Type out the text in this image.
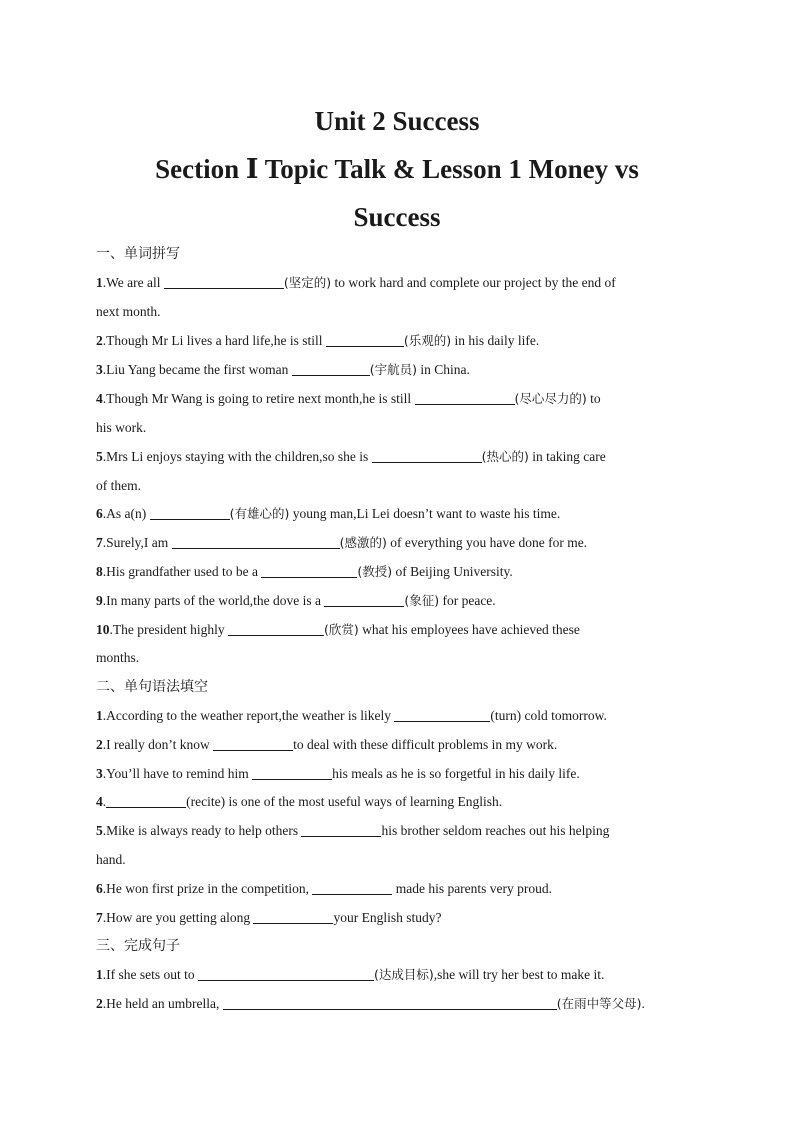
Unit 2 Success
Section Ⅰ Topic Talk & Lesson 1 Money vs
Success
一、单词拼写
1.We are all	(坚定的) to work hard and complete our project by the end of
next month.
2.Though Mr Li lives a hard life,he is still	(乐观的) in his daily life.
3.Liu Yang became the first woman	(宇航员) in China.
4.Though Mr Wang is going to retire next month,he is still	(尽心尽力的) to
his work.
5.Mrs Li enjoys staying with the children,so she is	(热心的) in taking care
of them.
6.As a(n)	(有雄心的) young man,Li Lei doesn’t want to waste his time.
7.Surely,I am	(感激的) of everything you have done for me.
8.His grandfather used to be a	(教授) of Beijing University.
9.In many parts of the world,the dove is a	(象征) for peace.
10.The president highly	(欣赏) what his employees have achieved these
months.
二、单句语法填空
1.According to the weather report,the weather is likely	(turn) cold tomorrow.
2.I really don’t know	to deal with these difficult problems in my work.
3.You’ll have to remind him	his meals as he is so forgetful in his daily life.
4.	(recite) is one of the most useful ways of learning English.
5.Mike is always ready to help others	his brother seldom reaches out his helping
hand.
6.He won first prize in the competition,	made his parents very proud.
7.How are you getting along	your English study?
三、完成句子
1.If she sets out to	(达成目标),she will try her best to make it.
2.He held an umbrella,	(在雨中等父母).
